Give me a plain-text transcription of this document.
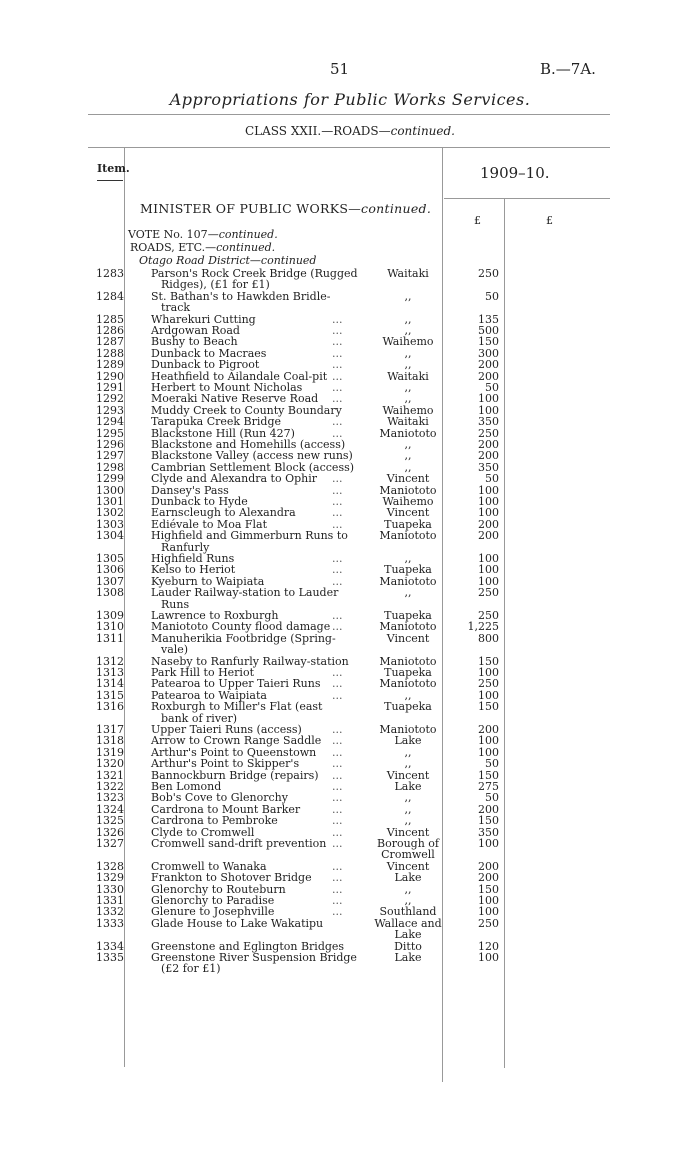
51	B.—7A.
Appropriations for Public Works Services.
CLASS XXII.—ROADS—continued.
Item.	1909–10.
£	£
MINISTER OF PUBLIC WORKS—continued.
VOTE No. 107—continued.
ROADS, ETC.—continued.
Otago Road District—continued
1283 Parson's Rock Creek Bridge (Rugged	Waitaki	250
Ridges), (£1 for £1)
1284 St. Bathan's to Hawkden Bridle-	,,	50
track
1285 Wharekuri Cutting	...	,,	135
1286 Ardgowan Road	...	,,	500
1287 Bushy to Beach	...	Waihemo	150
1288 Dunback to Macraes	...	,,	300
1289 Dunback to Pigroot	...	,,	200
1290 Heathfield to Ailandale Coal-pit ...	Waitaki	200
1291 Herbert to Mount Nicholas	...	,,	50
1292 Moeraki Native Reserve Road ...	,,	100
1293 Muddy Creek to County Boundary	Waihemo	100
1294 Tarapuka Creek Bridge	...	Waitaki	350
1295 Blackstone Hill (Run 427)	...	Maniototo	250
1296 Blackstone and Homehills (access)	,,	200
1297 Blackstone Valley (access new runs)	,,	200
1298 Cambrian Settlement Block (access)	,,	350
1299 Clyde and Alexandra to Ophir ...	Vincent	50
1300 Dansey's Pass	...	Maniototo	100
1301 Dunback to Hyde	...	Waihemo	100
1302 Earnscleugh to Alexandra	...	Vincent	100
1303 Ediévale to Moa Flat	...	Tuapeka	200
1304 Highfield and Gimmerburn Runs to	Maniototo	200
Ranfurly
1305 Highfield Runs	...	,,	100
1306 Kelso to Heriot	...	Tuapeka	100
1307 Kyeburn to Waipiata	...	Maniototo	100
1308 Lauder Railway-station to Lauder	,,	250
Runs
1309 Lawrence to Roxburgh	...	Tuapeka	250
1310 Maniototo County flood damage ...	Maniototo	1,225
1311 Manuherikia Footbridge (Spring-	Vincent	800
vale)
1312 Naseby to Ranfurly Railway-station	Maniototo	150
1313 Park Hill to Heriot	...	Tuapeka	100
1314 Patearoa to Upper Taieri Runs ...	Maniototo	250
1315 Patearoa to Waipiata	...	,,	100
1316 Roxburgh to Miller's Flat (east	Tuapeka	150
bank of river)
1317 Upper Taieri Runs (access)	...	Maniototo	200
1318 Arrow to Crown Range Saddle ...	Lake	100
1319 Arthur's Point to Queenstown ...	,,	100
1320 Arthur's Point to Skipper's	...	,,	50
1321 Bannockburn Bridge (repairs) ...	Vincent	150
1322 Ben Lomond	...	Lake	275
1323 Bob's Cove to Glenorchy	...	,,	50
1324 Cardrona to Mount Barker	...	,,	200
1325 Cardrona to Pembroke	...	,,	150
1326 Clyde to Cromwell	...	Vincent	350
1327 Cromwell sand-drift prevention ...	Borough of	100
Cromwell
1328 Cromwell to Wanaka	...	Vincent	200
1329 Frankton to Shotover Bridge ...	Lake	200
1330 Glenorchy to Routeburn	...	,,	150
1331 Glenorchy to Paradise	...	,,	100
1332 Glenure to Josephville	...	Southland	100
1333 Glade House to Lake Wakatipu	Wallace and	250
Lake
1334 Greenstone and Eglington Bridges	Ditto	120
1335 Greenstone River Suspension Bridge	Lake	100
(£2 for £1)
